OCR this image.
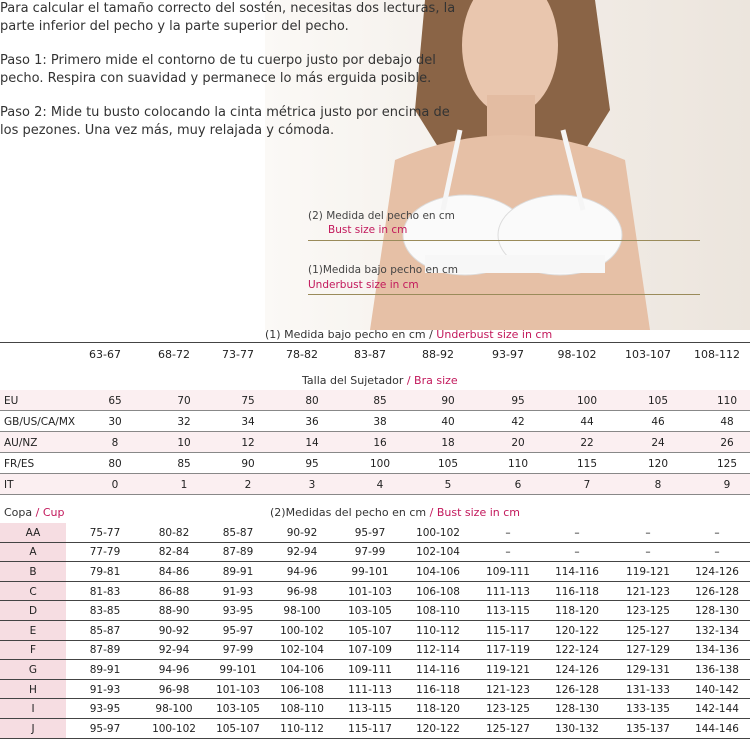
(2) Medida del pecho en cm
Bust size in cm
(1)Medida bajo pecho en cm
Underbust size in cm

Para calcular el tamaño correcto del sostén, necesitas dos lecturas, la parte inferior del pecho y la parte superior del pecho.

Paso 1: Primero mide el contorno de tu cuerpo justo por debajo del pecho. Respira con suavidad y permanece lo más erguida posible.

Paso 2: Mide tu busto colocando la cinta métrica justo por encima de los pezones. Una vez más, muy relajada y cómoda.

(1) Medida bajo pecho en cm / Underbust size in cm
63-67	68-72	73-77	78-82	83-87	88-92	93-97	98-102	103-107 108-112
Talla del Sujetador / Bra size
EU	65	70	75	80	85	90	95	100	105	110
GB/US/CA/MX	30	32	34	36	38	40	42	44	46	48
AU/NZ	8	10	12	14	16	18	20	22	24	26
FR/ES	80	85	90	95	100	105	110	115	120	125
IT	0	1	2	3	4	5	6	7	8	9
Copa / Cup	(2)Medidas del pecho en cm / Bust size in cm
AA	75-77	80-82	85-87	90-92	95-97	100-102	–	–	–	–
A	77-79	82-84	87-89	92-94	97-99	102-104	–	–	–	–
B	79-81	84-86	89-91	94-96	99-101	104-106 109-111 114-116	119-121 124-126
C	81-83	86-88	91-93	96-98	101-103 106-108 111-113 116-118	121-123 126-128
D	83-85	88-90	93-95	98-100	103-105 108-110 113-115 118-120	123-125 128-130
E	85-87	90-92	95-97	100-102 105-107 110-112 115-117 120-122	125-127 132-134
F	87-89	92-94	97-99	102-104 107-109 112-114 117-119 122-124	127-129 134-136
G	89-91	94-96	99-101 104-106 109-111 114-116 119-121 124-126	129-131 136-138
H	91-93	96-98	101-103 106-108 111-113 116-118 121-123 126-128	131-133 140-142
I	93-95	98-100 103-105 108-110 113-115 118-120 123-125 128-130	133-135 142-144
J	95-97	100-102 105-107 110-112 115-117 120-122 125-127 130-132	135-137 144-146
